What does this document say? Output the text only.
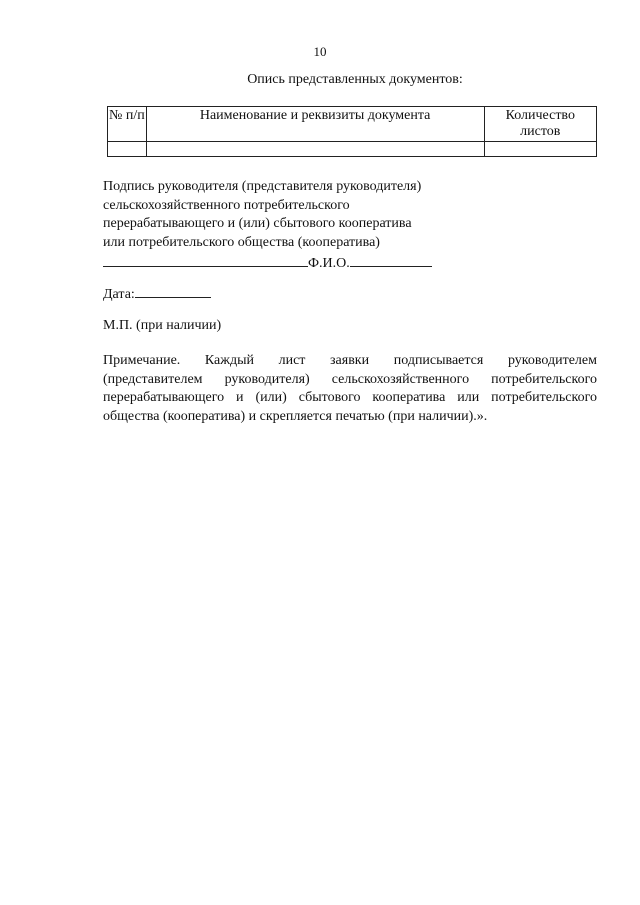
10
Опись представленных документов:
№ п/п	Наименование и реквизиты документа	Количество листов

Подпись руководителя (представителя руководителя)
сельскохозяйственного потребительского
перерабатывающего и (или) сбытового кооператива
или потребительского общества (кооператива)
Ф.И.О.
Дата:
М.П. (при наличии)
Примечание. Каждый лист заявки подписывается руководителем
(представителем руководителя) сельскохозяйственного потребительского
перерабатывающего и (или) сбытового кооператива или потребительского
общества (кооператива) и скрепляется печатью (при наличии).».
